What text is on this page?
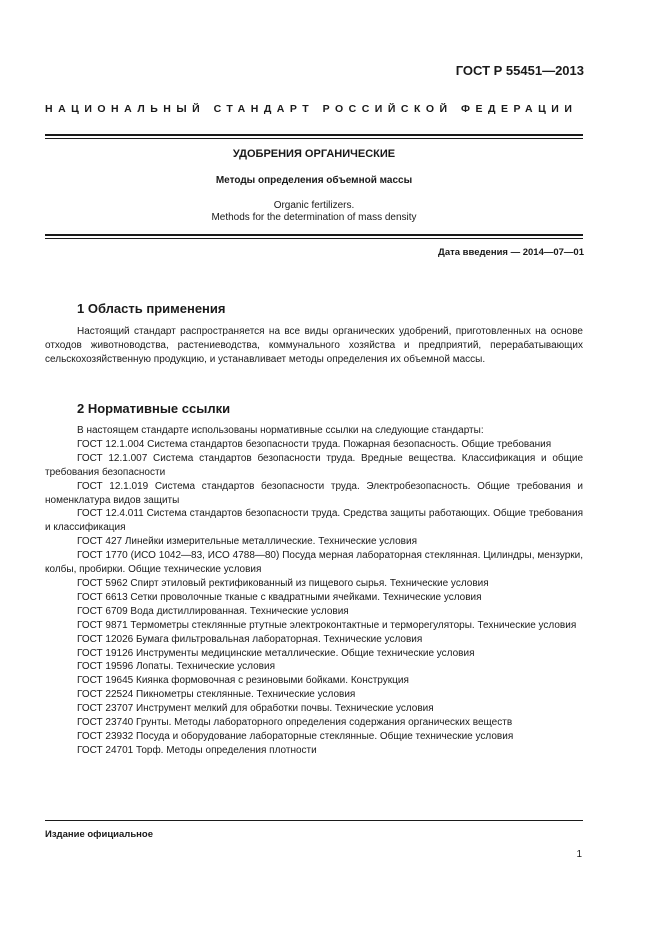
ГОСТ Р 55451—2013
НАЦИОНАЛЬНЫЙ СТАНДАРТ РОССИЙСКОЙ ФЕДЕРАЦИИ
УДОБРЕНИЯ ОРГАНИЧЕСКИЕ
Методы определения объемной массы
Organic fertilizers.
Methods for the determination of mass density
Дата введения — 2014—07—01
1 Область применения

Настоящий стандарт распространяется на все виды органических удобрений, приготовленных на основе отходов животноводства, растениеводства, коммунального хозяйства и предприятий, перерабатывающих сельскохозяйственную продукцию, и устанавливает методы определения их объемной массы.

2 Нормативные ссылки

В настоящем стандарте использованы нормативные ссылки на следующие стандарты:

ГОСТ 12.1.004 Система стандартов безопасности труда. Пожарная безопасность. Общие требования

ГОСТ 12.1.007 Система стандартов безопасности труда. Вредные вещества. Классификация и общие требования безопасности

ГОСТ 12.1.019 Система стандартов безопасности труда. Электробезопасность. Общие требования и номенклатура видов защиты

ГОСТ 12.4.011 Система стандартов безопасности труда. Средства защиты работающих. Общие требования и классификация

ГОСТ 427 Линейки измерительные металлические. Технические условия

ГОСТ 1770 (ИСО 1042—83, ИСО 4788—80) Посуда мерная лабораторная стеклянная. Цилиндры, мензурки, колбы, пробирки. Общие технические условия

ГОСТ 5962 Спирт этиловый ректификованный из пищевого сырья. Технические условия

ГОСТ 6613 Сетки проволочные тканые с квадратными ячейками. Технические условия

ГОСТ 6709 Вода дистиллированная. Технические условия

ГОСТ 9871 Термометры стеклянные ртутные электроконтактные и терморегуляторы. Технические условия

ГОСТ 12026 Бумага фильтровальная лабораторная. Технические условия

ГОСТ 19126 Инструменты медицинские металлические. Общие технические условия

ГОСТ 19596 Лопаты. Технические условия

ГОСТ 19645 Киянка формовочная с резиновыми бойками. Конструкция

ГОСТ 22524 Пикнометры стеклянные. Технические условия

ГОСТ 23707 Инструмент мелкий для обработки почвы. Технические условия

ГОСТ 23740 Грунты. Методы лабораторного определения содержания органических веществ

ГОСТ 23932 Посуда и оборудование лабораторные стеклянные. Общие технические условия

ГОСТ 24701 Торф. Методы определения плотности

Издание официальное
1
